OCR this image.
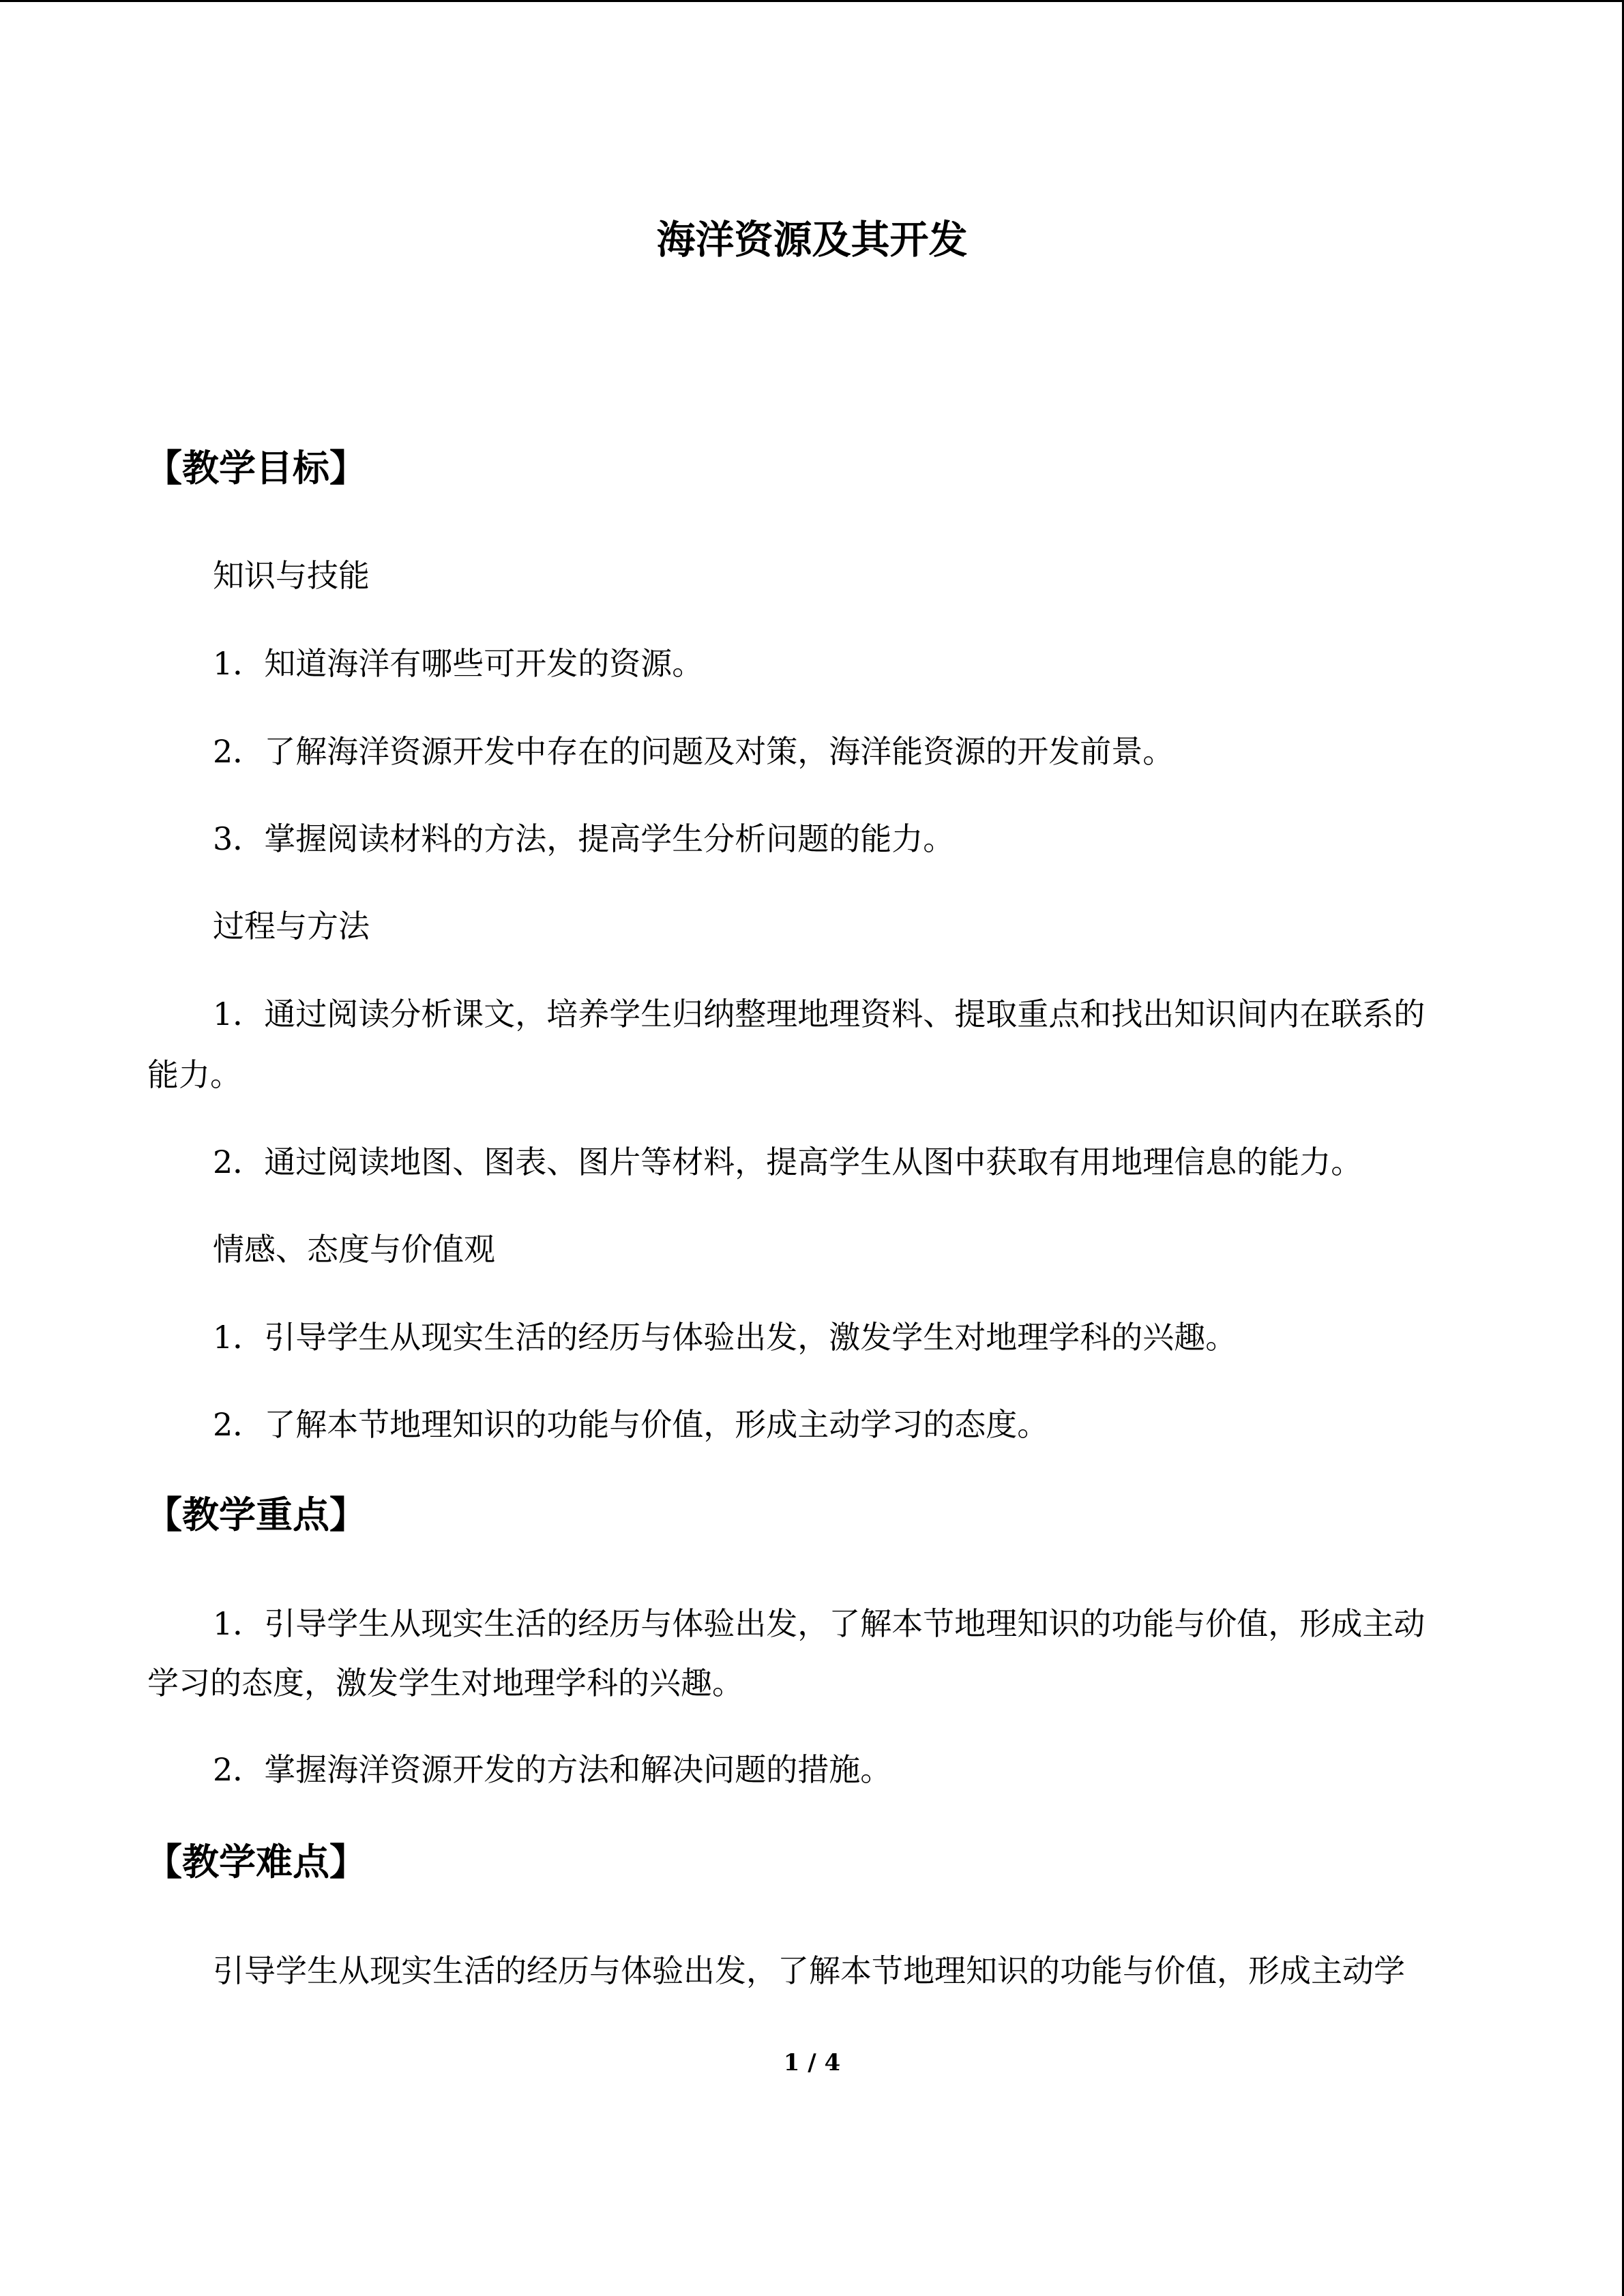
海洋资源及其开发
【教学目标】
知识与技能
1．知道海洋有哪些可开发的资源。
2．了解海洋资源开发中存在的问题及对策，海洋能资源的开发前景。
3．掌握阅读材料的方法，提高学生分析问题的能力。
过程与方法
1．通过阅读分析课文，培养学生归纳整理地理资料、提取重点和找出知识间内在联系的
能力。
2．通过阅读地图、图表、图片等材料，提高学生从图中获取有用地理信息的能力。
情感、态度与价值观
1．引导学生从现实生活的经历与体验出发，激发学生对地理学科的兴趣。
2．了解本节地理知识的功能与价值，形成主动学习的态度。
【教学重点】
1．引导学生从现实生活的经历与体验出发，了解本节地理知识的功能与价值，形成主动
学习的态度，激发学生对地理学科的兴趣。
2．掌握海洋资源开发的方法和解决问题的措施。
【教学难点】
引导学生从现实生活的经历与体验出发，了解本节地理知识的功能与价值，形成主动学
1 / 4
